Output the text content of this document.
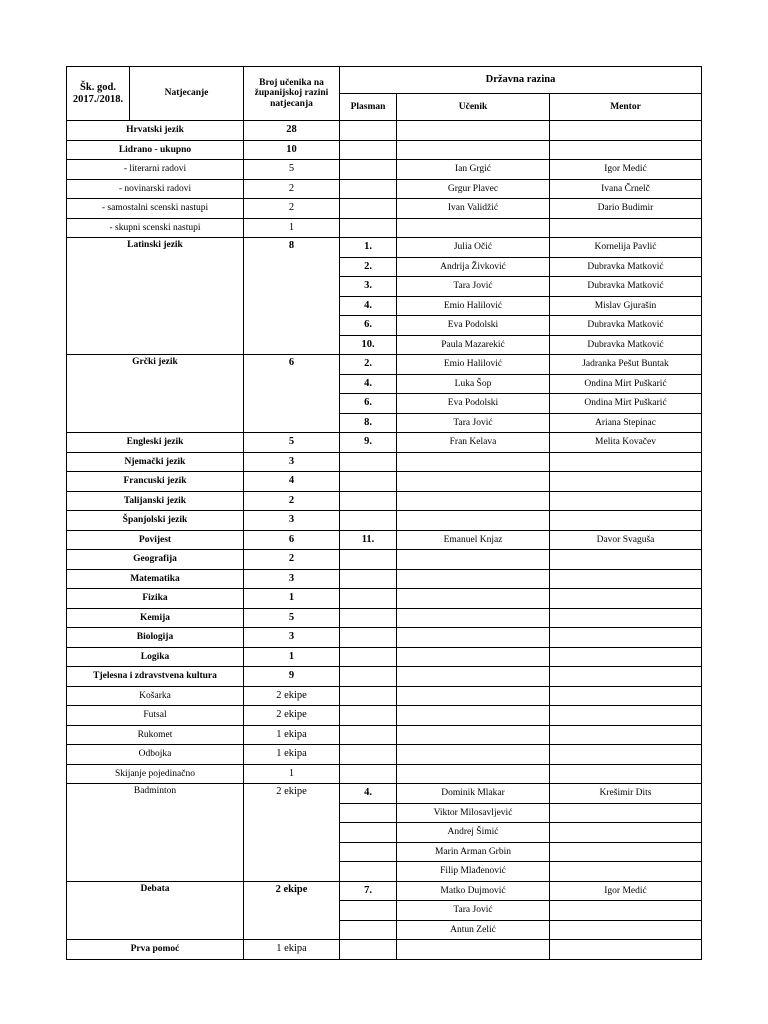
Šk. god.
2017./2018.	Natjecanje	Broj učenika na
županijskoj razini
natjecanja	Državna razina		
			Plasman	Učenik	Mentor
Hrvatski jezik		28			
Lidrano - ukupno		10			
- literarni radovi		5		Ian Grgić	Igor Medić
- novinarski radovi		2		Grgur Plavec	Ivana Črnelč
- samostalni scenski nastupi		2		Ivan Validžić	Dario Budimir
- skupni scenski nastupi		1			
Latinski jezik		8	1.	Julia Očić	Kornelija Pavlić
			2.	Andrija Živković	Dubravka Matković
			3.	Tara Jović	Dubravka Matković
			4.	Emio Halilović	Mislav Gjurašin
			6.	Eva Podolski	Dubravka Matković
			10.	Paula Mazarekić	Dubravka Matković
Grčki jezik		6	2.	Emio Halilović	Jadranka Pešut Buntak
			4.	Luka Šop	Ondina Mirt Puškarić
			6.	Eva Podolski	Ondina Mirt Puškarić
			8.	Tara Jović	Ariana Stepinac
Engleski jezik		5	9.	Fran Kelava	Melita Kovačev
Njemački jezik		3			
Francuski jezik		4			
Talijanski jezik		2			
Španjolski jezik		3			
Povijest		6	11.	Emanuel Knjaz	Davor Svaguša
Geografija		2			
Matematika		3			
Fizika		1			
Kemija		5			
Biologija		3			
Logika		1			
Tjelesna i zdravstvena kultura		9			
Košarka		2 ekipe			
Futsal		2 ekipe			
Rukomet		1 ekipa			
Odbojka		1 ekipa			
Skijanje pojedinačno		1			
Badminton		2 ekipe	4.	Dominik Mlakar	Krešimir Dits
				Viktor Milosavljević	
				Andrej Šimić	
				Marin Arman Grbin	
				Filip Mlađenović	
Debata		2 ekipe	7.	Matko Dujmović	Igor Medić
				Tara Jović	
				Antun Zelić	
Prva pomoć		1 ekipa			
